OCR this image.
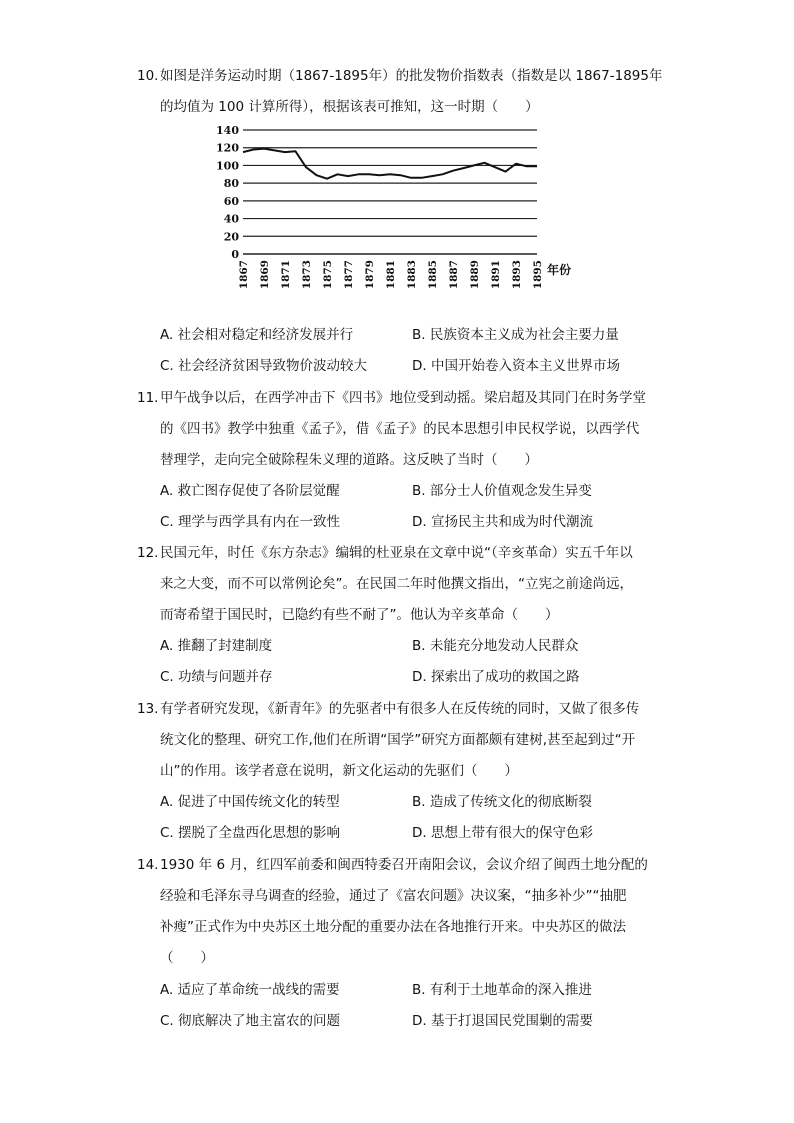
10. 如图是洋务运动时期（1867-1895年）的批发物价指数表（指数是以 1867-1895年
的均值为 100 计算所得），根据该表可推知，这一时期（　　）
0
20
40
60
80
100
120
140
1867 1869 1871 1873 1875 1877 1879 1881 1883 1885 1887 1889 1891 1893 1895 年份
A. 社会相对稳定和经济发展并行	B. 民族资本主义成为社会主要力量
C. 社会经济贫困导致物价波动较大	D. 中国开始卷入资本主义世界市场
11. 甲午战争以后，在西学冲击下《四书》地位受到动摇。梁启超及其同门在时务学堂
的《四书》教学中独重《孟子》，借《孟子》的民本思想引申民权学说，以西学代
替理学，走向完全破除程朱义理的道路。这反映了当时（　　）
A. 救亡图存促使了各阶层觉醒	B. 部分士人价值观念发生异变
C. 理学与西学具有内在一致性	D. 宣扬民主共和成为时代潮流
12. 民国元年，时任《东方杂志》编辑的杜亚泉在文章中说“（辛亥革命）实五千年以
来之大变，而不可以常例论矣”。在民国二年时他撰文指出，“立宪之前途尚远，
而寄希望于国民时，已隐约有些不耐了”。他认为辛亥革命（　　）
A. 推翻了封建制度	B. 未能充分地发动人民群众
C. 功绩与问题并存	D. 探索出了成功的救国之路
13. 有学者研究发现，《新青年》的先驱者中有很多人在反传统的同时，又做了很多传
统文化的整理、研究工作,他们在所谓“国学”研究方面都颇有建树,甚至起到过“开
山”的作用。该学者意在说明，新文化运动的先驱们（　　）
A. 促进了中国传统文化的转型	B. 造成了传统文化的彻底断裂
C. 摆脱了全盘西化思想的影响	D. 思想上带有很大的保守色彩
14. 1930 年 6 月，红四军前委和闽西特委召开南阳会议，会议介绍了闽西土地分配的
经验和毛泽东寻乌调查的经验，通过了《富农问题》决议案，“抽多补少”“抽肥
补瘦”正式作为中央苏区土地分配的重要办法在各地推行开来。中央苏区的做法
（　　）
A. 适应了革命统一战线的需要	B. 有利于土地革命的深入推进
C. 彻底解决了地主富农的问题	D. 基于打退国民党围剿的需要
